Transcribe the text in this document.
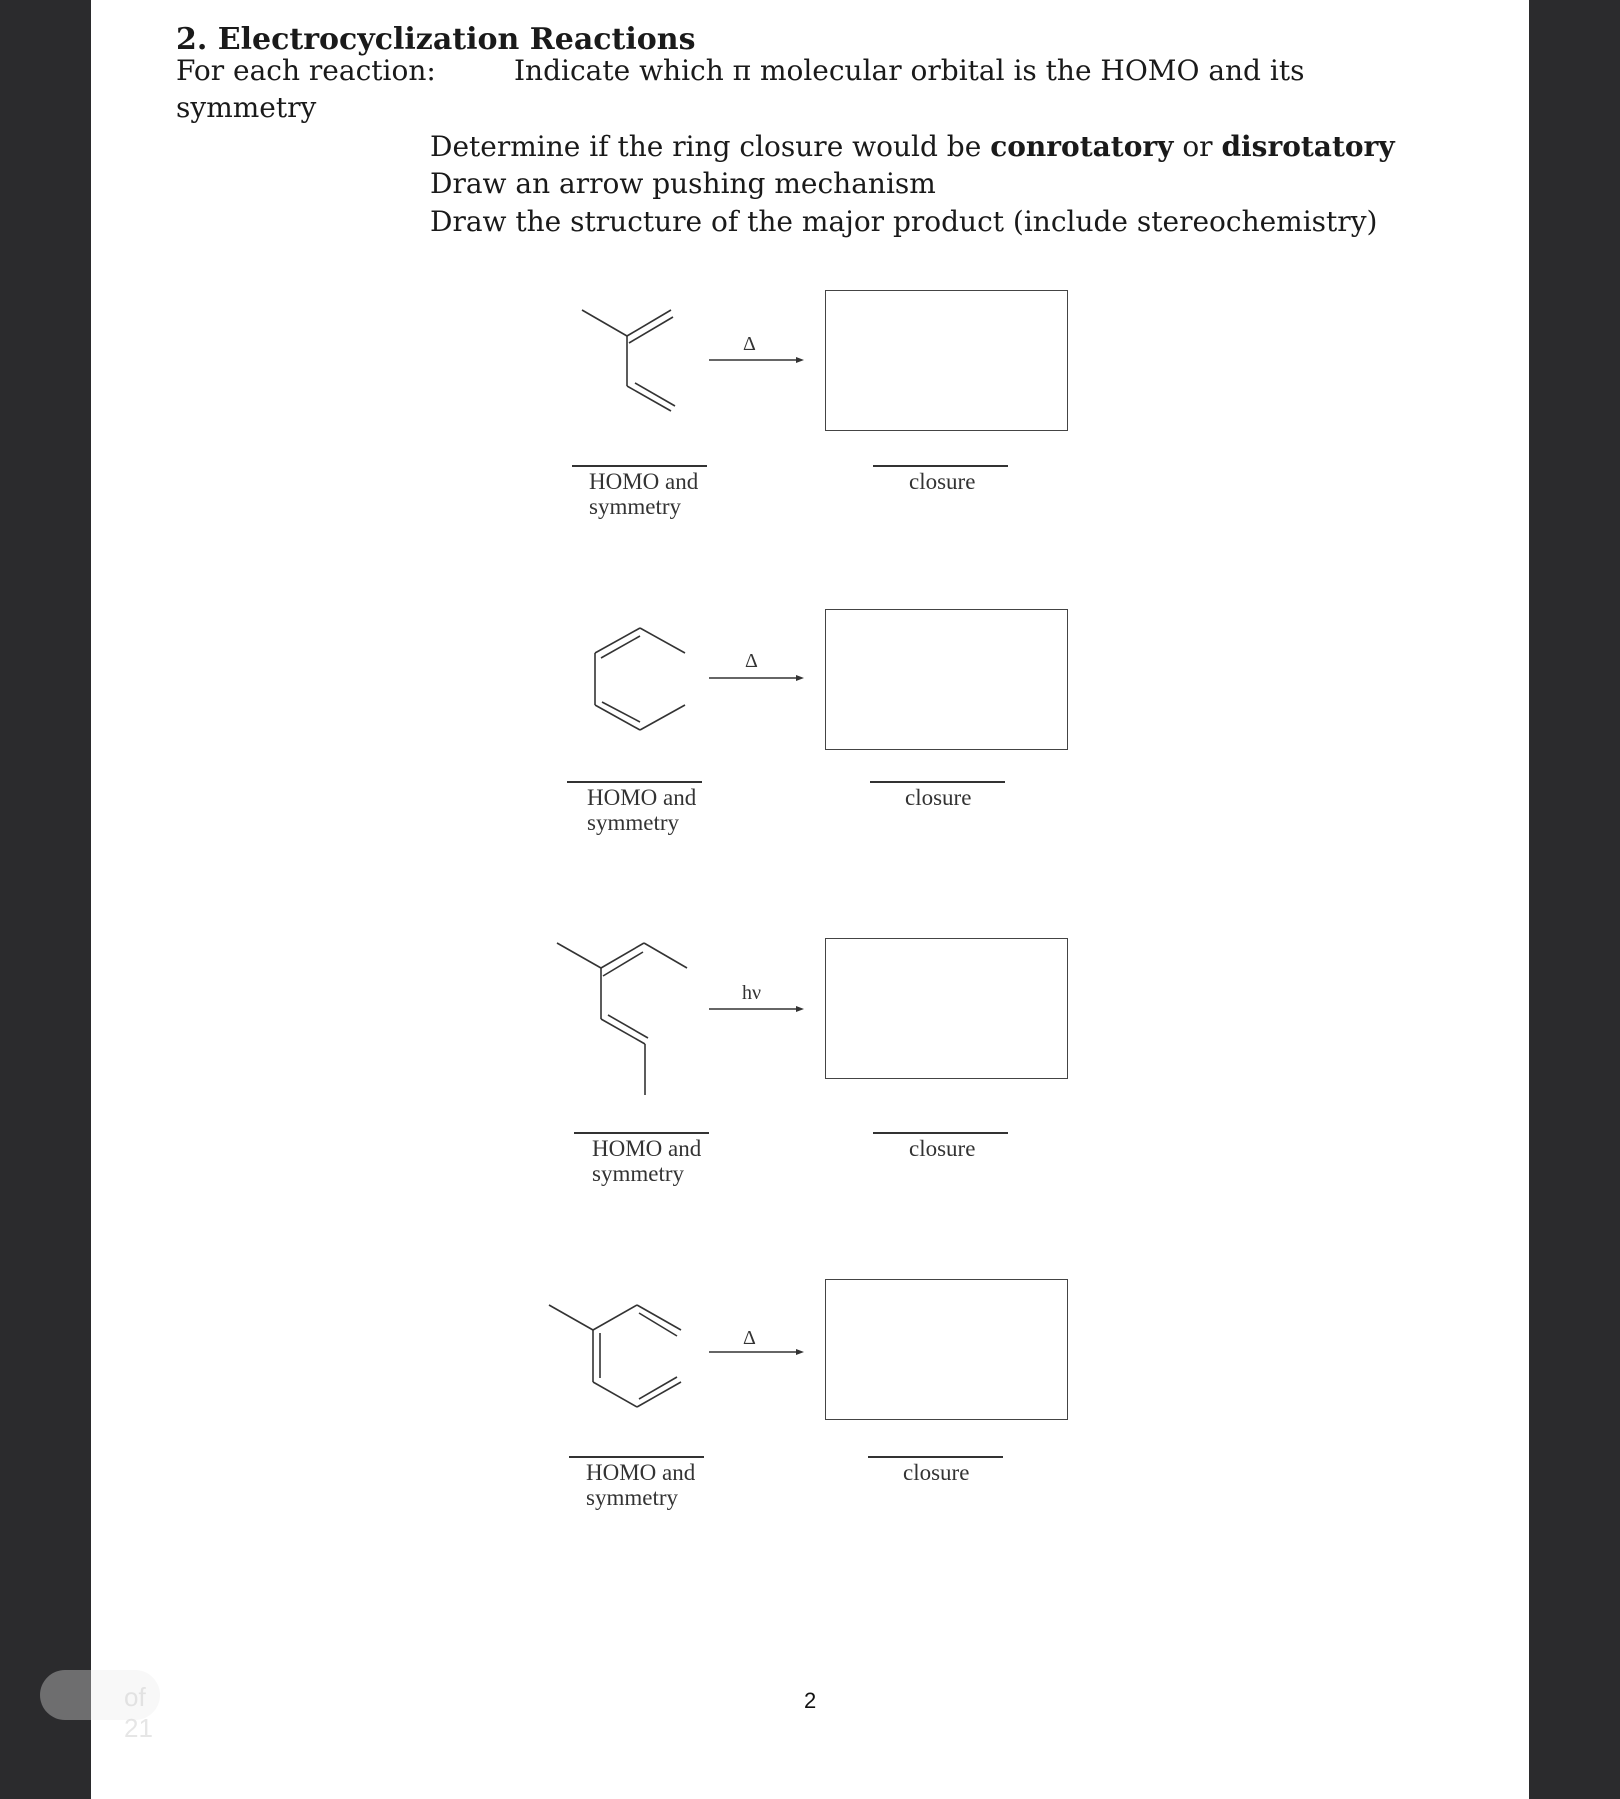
2. Electrocyclization Reactions
For each reaction:	Indicate which π molecular orbital is the HOMO and its
symmetry
Determine if the ring closure would be conrotatory or disrotatory
Draw an arrow pushing mechanism
Draw the structure of the major product (include stereochemistry)
Δ
HOMO and
symmetry
closure
Δ
HOMO and
symmetry
closure
hν
HOMO and
symmetry
closure
Δ
HOMO and
symmetry
closure
2
of 21
